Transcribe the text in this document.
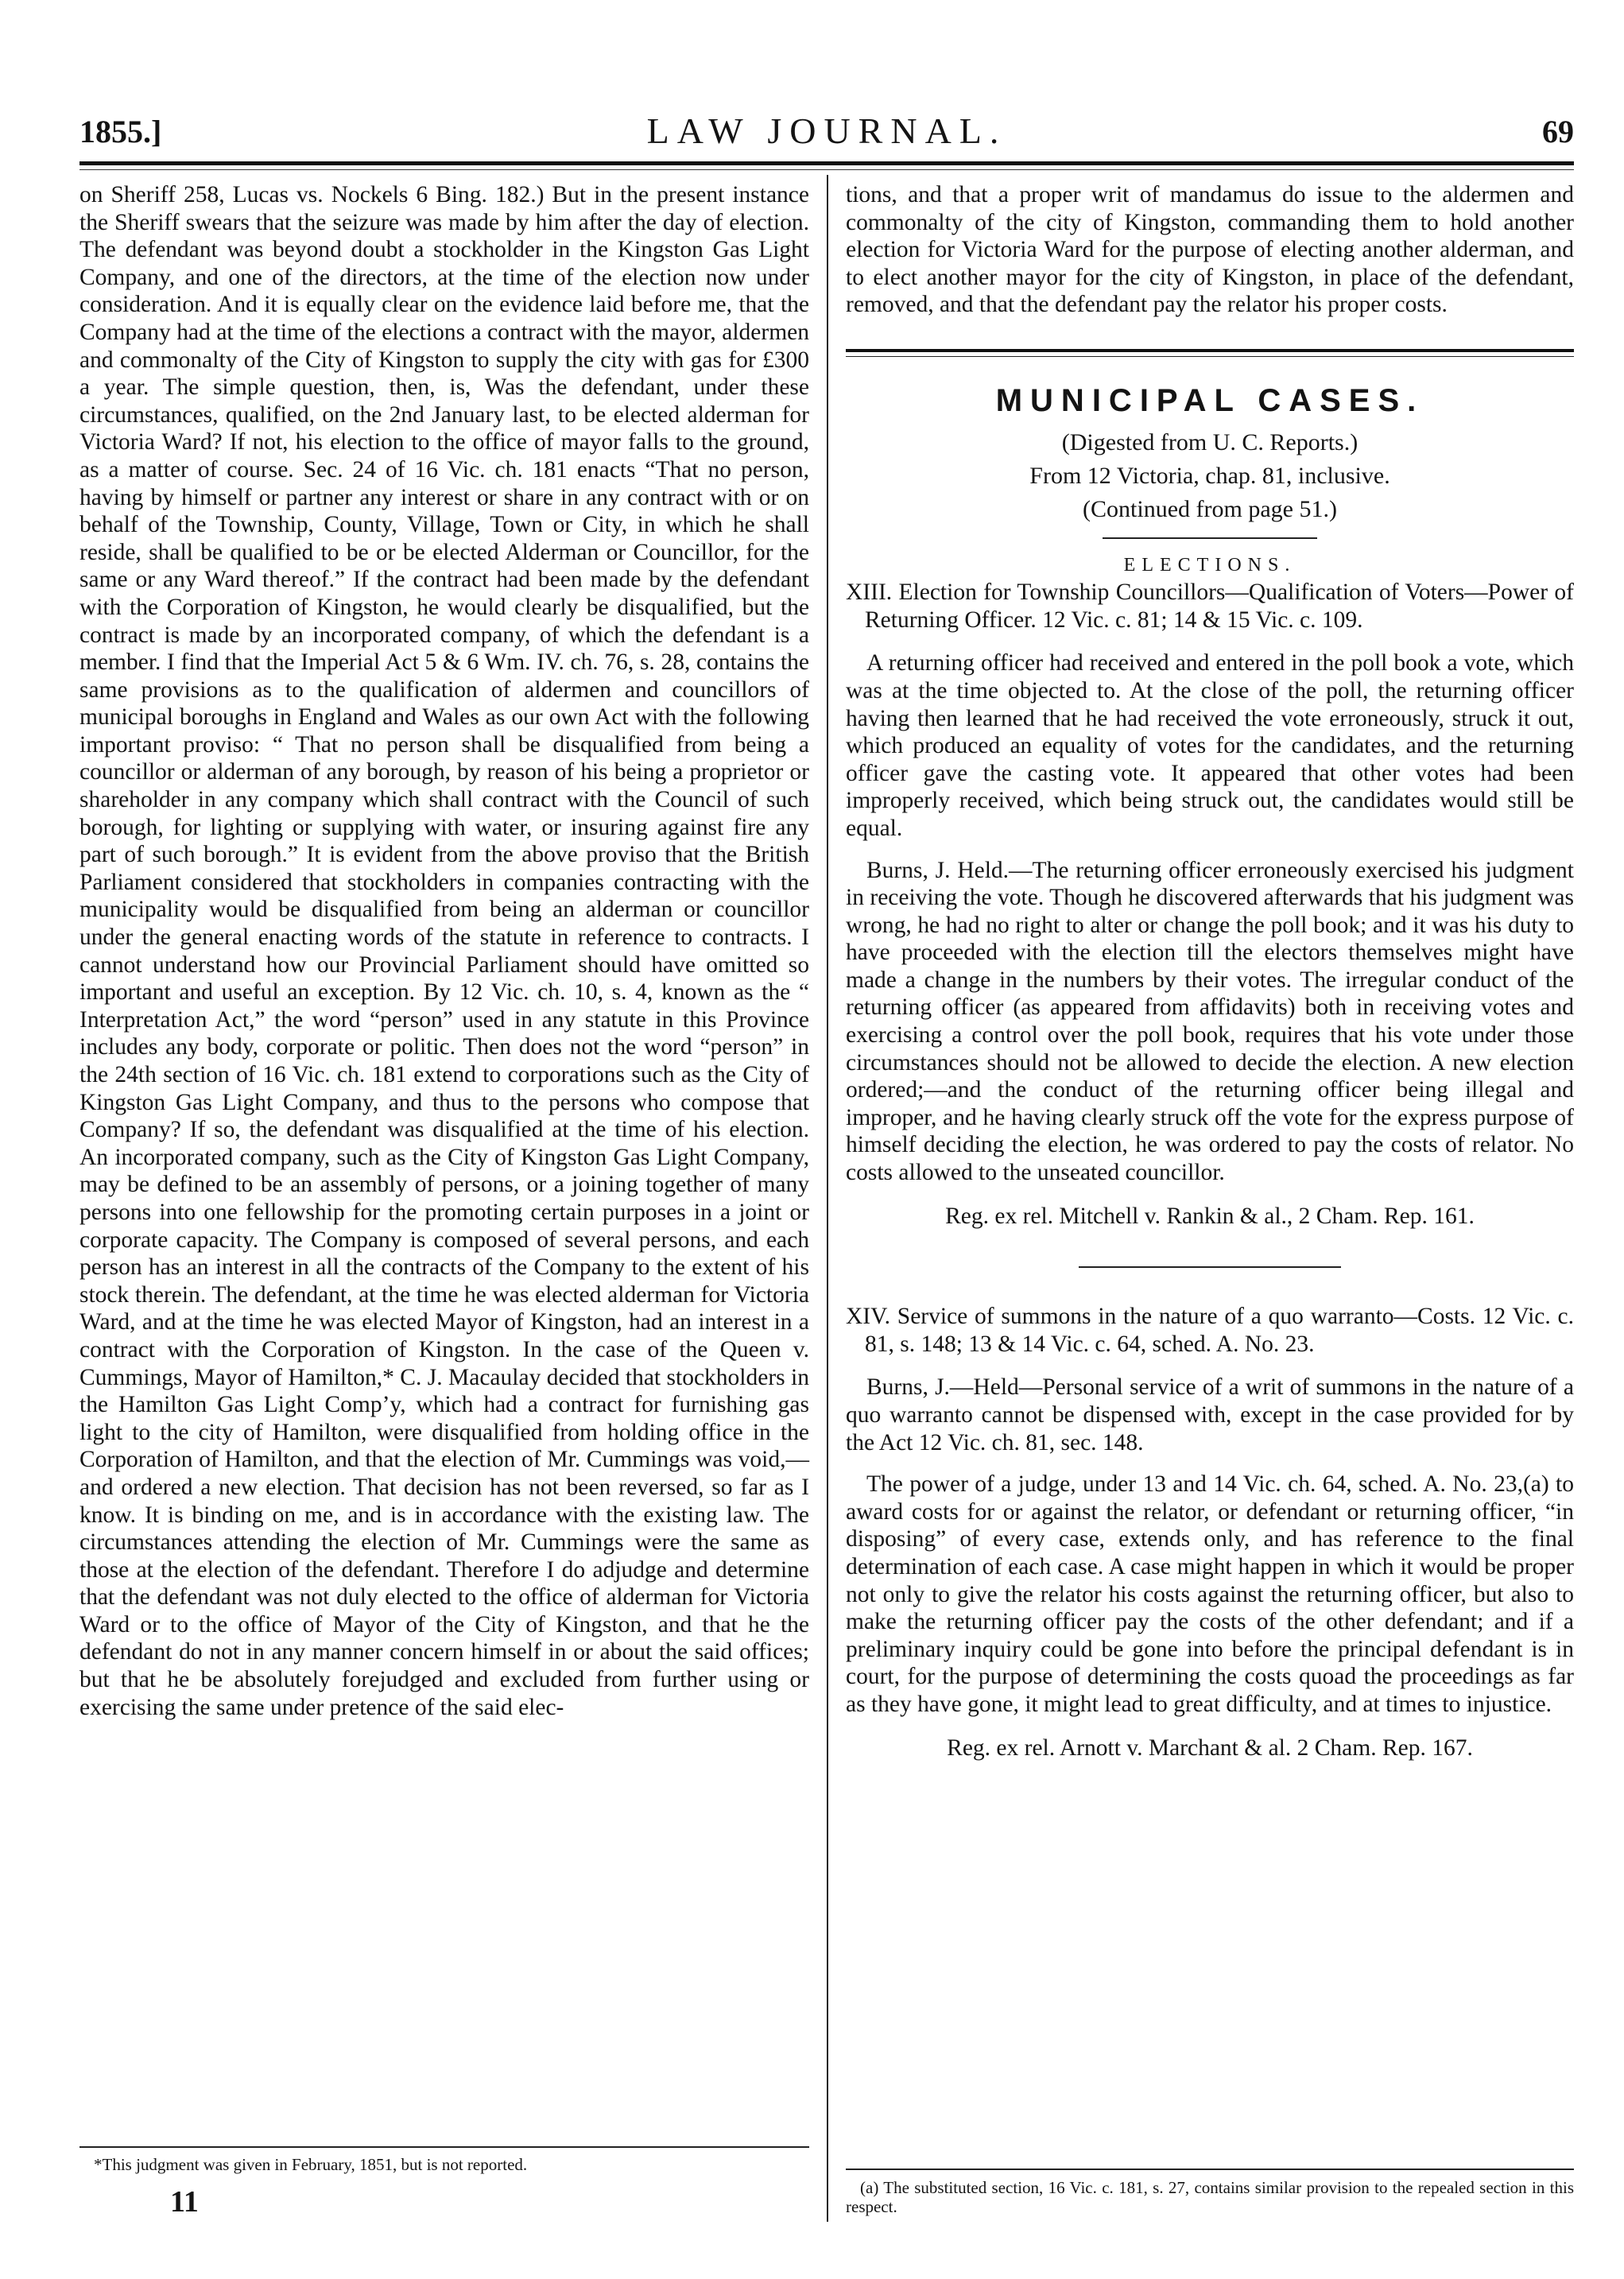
1855.]	LAW JOURNAL.	69

on Sheriff 258, Lucas vs. Nockels 6 Bing. 182.) But in the present instance the Sheriff swears that the seizure was made by him after the day of election. The defendant was beyond doubt a stockholder in the Kingston Gas Light Company, and one of the directors, at the time of the election now under consideration. And it is equally clear on the evidence laid before me, that the Company had at the time of the elections a contract with the mayor, aldermen and commonalty of the City of Kingston to supply the city with gas for £300 a year. The simple question, then, is, Was the defendant, under these circumstances, qualified, on the 2nd January last, to be elected alderman for Victoria Ward? If not, his election to the office of mayor falls to the ground, as a matter of course. Sec. 24 of 16 Vic. ch. 181 enacts “That no person, having by himself or partner any interest or share in any contract with or on behalf of the Township, County, Village, Town or City, in which he shall reside, shall be qualified to be or be elected Alderman or Councillor, for the same or any Ward thereof.” If the contract had been made by the defendant with the Corporation of Kingston, he would clearly be disqualified, but the contract is made by an incorporated company, of which the defendant is a member. I find that the Imperial Act 5 & 6 Wm. IV. ch. 76, s. 28, contains the same provisions as to the qualification of aldermen and councillors of municipal boroughs in England and Wales as our own Act with the following important proviso: “ That no person shall be disqualified from being a councillor or alderman of any borough, by reason of his being a proprietor or shareholder in any company which shall contract with the Council of such borough, for lighting or supplying with water, or insuring against fire any part of such borough.” It is evident from the above proviso that the British Parliament considered that stockholders in companies contracting with the municipality would be disqualified from being an alderman or councillor under the general enacting words of the statute in reference to contracts. I cannot understand how our Provincial Parliament should have omitted so important and useful an exception. By 12 Vic. ch. 10, s. 4, known as the “ Interpretation Act,” the word “person” used in any statute in this Province includes any body, corporate or politic. Then does not the word “person” in the 24th section of 16 Vic. ch. 181 extend to corporations such as the City of Kingston Gas Light Company, and thus to the persons who compose that Company? If so, the defendant was disqualified at the time of his election. An incorporated company, such as the City of Kingston Gas Light Company, may be defined to be an assembly of persons, or a joining together of many persons into one fellowship for the promoting certain purposes in a joint or corporate capacity. The Company is composed of several persons, and each person has an interest in all the contracts of the Company to the extent of his stock therein. The defendant, at the time he was elected alderman for Victoria Ward, and at the time he was elected Mayor of Kingston, had an interest in a contract with the Corporation of Kingston. In the case of the Queen v. Cummings, Mayor of Hamilton,* C. J. Macaulay decided that stockholders in the Hamilton Gas Light Comp’y, which had a contract for furnishing gas light to the city of Hamilton, were disqualified from holding office in the Corporation of Hamilton, and that the election of Mr. Cummings was void,—and ordered a new election. That decision has not been reversed, so far as I know. It is binding on me, and is in accordance with the existing law. The circumstances attending the election of Mr. Cummings were the same as those at the election of the defendant. Therefore I do adjudge and determine that the defendant was not duly elected to the office of alderman for Victoria Ward or to the office of Mayor of the City of Kingston, and that he the defendant do not in any manner concern himself in or about the said offices; but that he be absolutely forejudged and excluded from further using or exercising the same under pretence of the said elec-

tions, and that a proper writ of mandamus do issue to the aldermen and commonalty of the city of Kingston, commanding them to hold another election for Victoria Ward for the purpose of electing another alderman, and to elect another mayor for the city of Kingston, in place of the defendant, removed, and that the defendant pay the relator his proper costs.

MUNICIPAL CASES.

(Digested from U. C. Reports.)

From 12 Victoria, chap. 81, inclusive.

(Continued from page 51.)

ELECTIONS.

XIII. Election for Township Councillors—Qualification of Voters—Power of Returning Officer. 12 Vic. c. 81; 14 & 15 Vic. c. 109.

A returning officer had received and entered in the poll book a vote, which was at the time objected to. At the close of the poll, the returning officer having then learned that he had received the vote erroneously, struck it out, which produced an equality of votes for the candidates, and the returning officer gave the casting vote. It appeared that other votes had been improperly received, which being struck out, the candidates would still be equal.

Burns, J. Held.—The returning officer erroneously exercised his judgment in receiving the vote. Though he discovered afterwards that his judgment was wrong, he had no right to alter or change the poll book; and it was his duty to have proceeded with the election till the electors themselves might have made a change in the numbers by their votes. The irregular conduct of the returning officer (as appeared from affidavits) both in receiving votes and exercising a control over the poll book, requires that his vote under those circumstances should not be allowed to decide the election. A new election ordered;—and the conduct of the returning officer being illegal and improper, and he having clearly struck off the vote for the express purpose of himself deciding the election, he was ordered to pay the costs of relator. No costs allowed to the unseated councillor.

Reg. ex rel. Mitchell v. Rankin & al., 2 Cham. Rep. 161.

XIV. Service of summons in the nature of a quo warranto—Costs. 12 Vic. c. 81, s. 148; 13 & 14 Vic. c. 64, sched. A. No. 23.

Burns, J.—Held—Personal service of a writ of summons in the nature of a quo warranto cannot be dispensed with, except in the case provided for by the Act 12 Vic. ch. 81, sec. 148.

The power of a judge, under 13 and 14 Vic. ch. 64, sched. A. No. 23,(a) to award costs for or against the relator, or defendant or returning officer, “in disposing” of every case, extends only, and has reference to the final determination of each case. A case might happen in which it would be proper not only to give the relator his costs against the returning officer, but also to make the returning officer pay the costs of the other defendant; and if a preliminary inquiry could be gone into before the principal defendant is in court, for the purpose of determining the costs quoad the proceedings as far as they have gone, it might lead to great difficulty, and at times to injustice.

Reg. ex rel. Arnott v. Marchant & al. 2 Cham. Rep. 167.

*This judgment was given in February, 1851, but is not reported.

11	(a) The substituted section, 16 Vic. c. 181, s. 27, contains similar provision to the repealed section in this respect.
